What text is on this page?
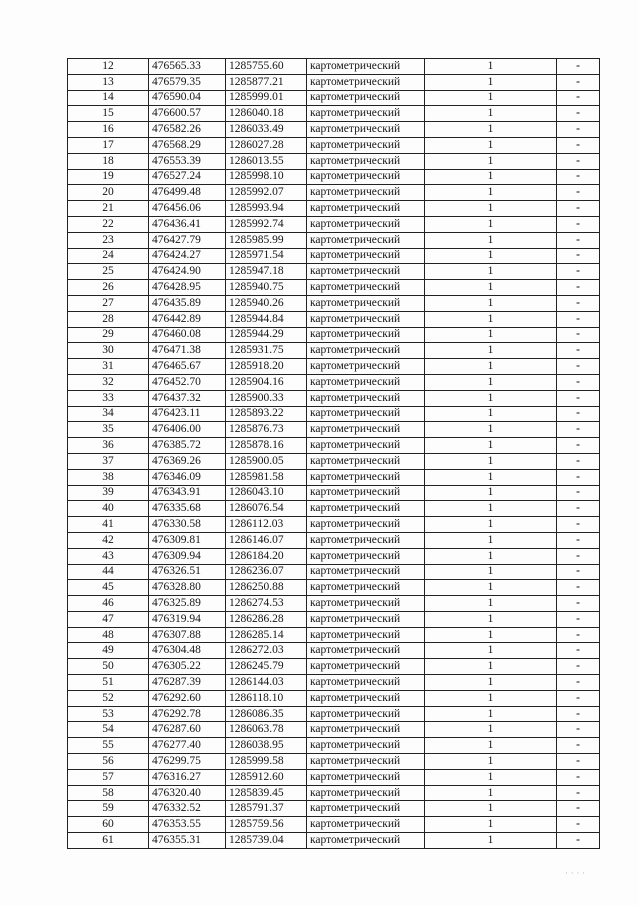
12	476565.33	1285755.60	картометрический	1	-
13	476579.35	1285877.21	картометрический	1	-
14	476590.04	1285999.01	картометрический	1	-
15	476600.57	1286040.18	картометрический	1	-
16	476582.26	1286033.49	картометрический	1	-
17	476568.29	1286027.28	картометрический	1	-
18	476553.39	1286013.55	картометрический	1	-
19	476527.24	1285998.10	картометрический	1	-
20	476499.48	1285992.07	картометрический	1	-
21	476456.06	1285993.94	картометрический	1	-
22	476436.41	1285992.74	картометрический	1	-
23	476427.79	1285985.99	картометрический	1	-
24	476424.27	1285971.54	картометрический	1	-
25	476424.90	1285947.18	картометрический	1	-
26	476428.95	1285940.75	картометрический	1	-
27	476435.89	1285940.26	картометрический	1	-
28	476442.89	1285944.84	картометрический	1	-
29	476460.08	1285944.29	картометрический	1	-
30	476471.38	1285931.75	картометрический	1	-
31	476465.67	1285918.20	картометрический	1	-
32	476452.70	1285904.16	картометрический	1	-
33	476437.32	1285900.33	картометрический	1	-
34	476423.11	1285893.22	картометрический	1	-
35	476406.00	1285876.73	картометрический	1	-
36	476385.72	1285878.16	картометрический	1	-
37	476369.26	1285900.05	картометрический	1	-
38	476346.09	1285981.58	картометрический	1	-
39	476343.91	1286043.10	картометрический	1	-
40	476335.68	1286076.54	картометрический	1	-
41	476330.58	1286112.03	картометрический	1	-
42	476309.81	1286146.07	картометрический	1	-
43	476309.94	1286184.20	картометрический	1	-
44	476326.51	1286236.07	картометрический	1	-
45	476328.80	1286250.88	картометрический	1	-
46	476325.89	1286274.53	картометрический	1	-
47	476319.94	1286286.28	картометрический	1	-
48	476307.88	1286285.14	картометрический	1	-
49	476304.48	1286272.03	картометрический	1	-
50	476305.22	1286245.79	картометрический	1	-
51	476287.39	1286144.03	картометрический	1	-
52	476292.60	1286118.10	картометрический	1	-
53	476292.78	1286086.35	картометрический	1	-
54	476287.60	1286063.78	картометрический	1	-
55	476277.40	1286038.95	картометрический	1	-
56	476299.75	1285999.58	картометрический	1	-
57	476316.27	1285912.60	картометрический	1	-
58	476320.40	1285839.45	картометрический	1	-
59	476332.52	1285791.37	картометрический	1	-
60	476353.55	1285759.56	картометрический	1	-
61	476355.31	1285739.04	картометрический	1	-
· · · ·
